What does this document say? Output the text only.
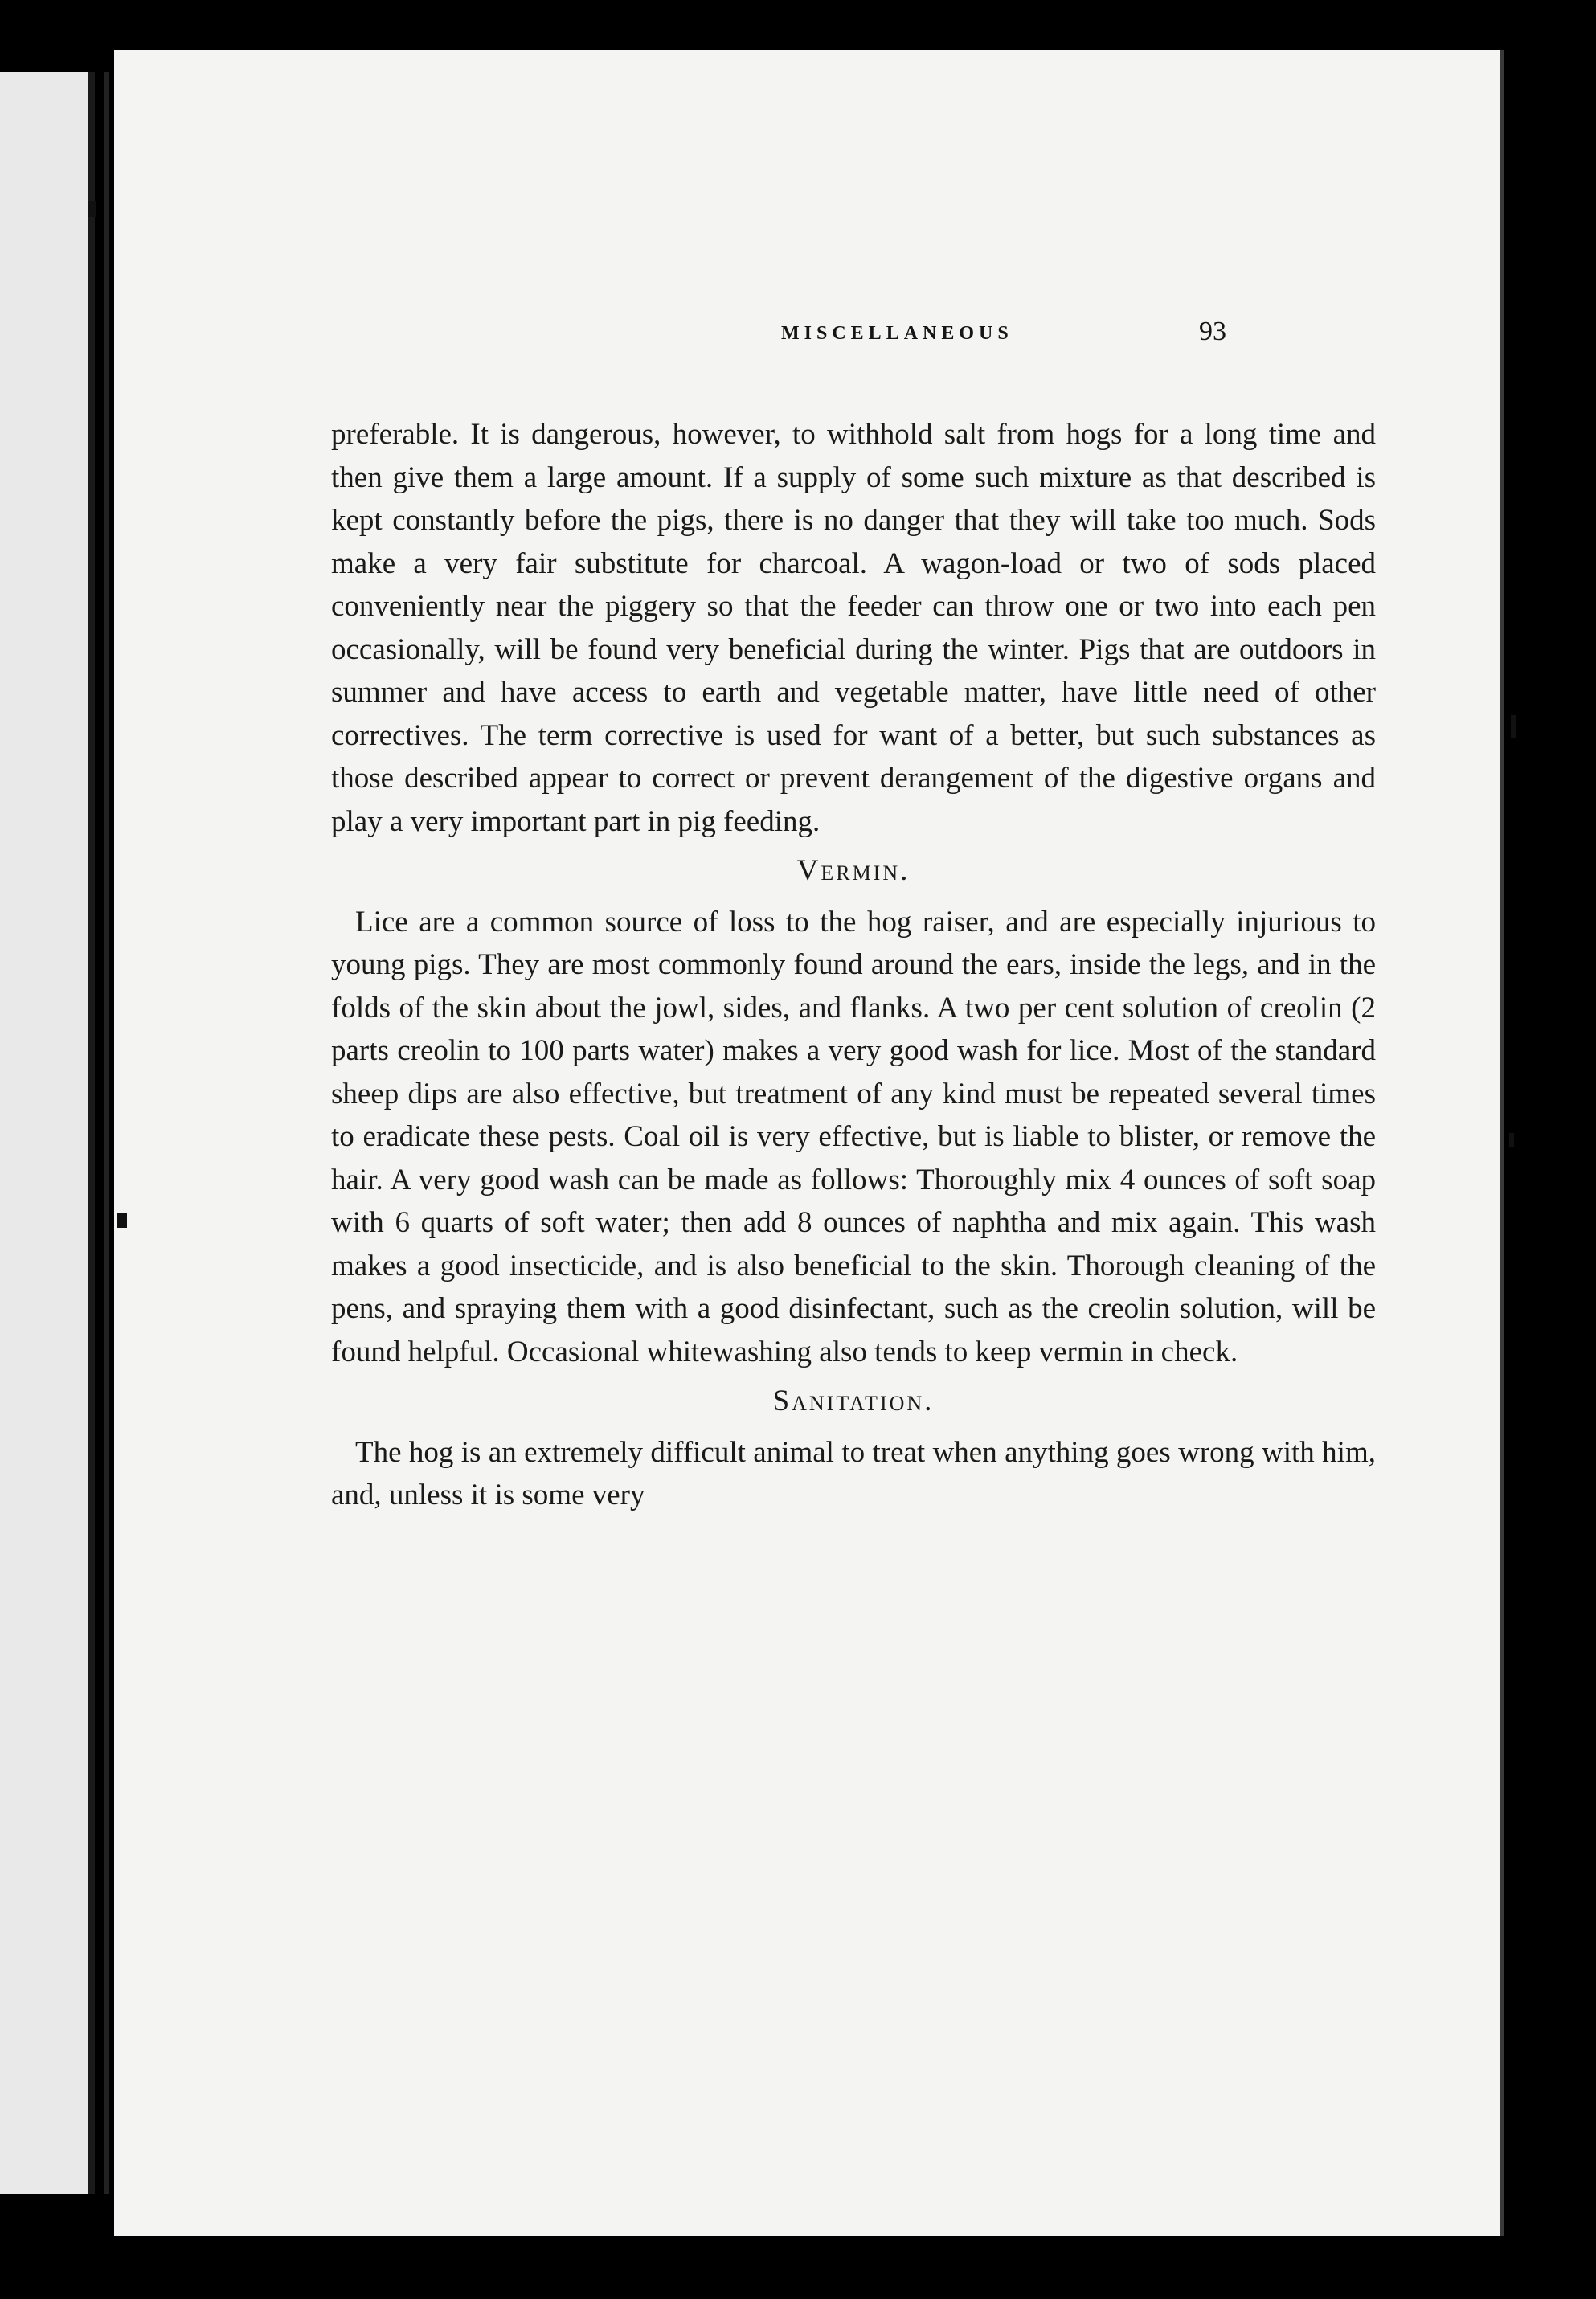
MISCELLANEOUS	93

preferable. It is dangerous, however, to withhold salt from hogs for a long time and then give them a large amount. If a supply of some such mixture as that described is kept constantly before the pigs, there is no danger that they will take too much. Sods make a very fair substitute for charcoal. A wagon-load or two of sods placed conveniently near the piggery so that the feeder can throw one or two into each pen occasionally, will be found very beneficial during the winter. Pigs that are outdoors in summer and have access to earth and vegetable matter, have little need of other correctives. The term corrective is used for want of a better, but such substances as those described appear to correct or prevent derangement of the digestive organs and play a very important part in pig feeding.

Vermin.

Lice are a common source of loss to the hog raiser, and are especially injurious to young pigs. They are most commonly found around the ears, inside the legs, and in the folds of the skin about the jowl, sides, and flanks. A two per cent solution of creolin (2 parts creolin to 100 parts water) makes a very good wash for lice. Most of the standard sheep dips are also effective, but treatment of any kind must be repeated several times to eradicate these pests. Coal oil is very effective, but is liable to blister, or remove the hair. A very good wash can be made as follows: Thoroughly mix 4 ounces of soft soap with 6 quarts of soft water; then add 8 ounces of naphtha and mix again. This wash makes a good insecticide, and is also beneficial to the skin. Thorough cleaning of the pens, and spraying them with a good disinfectant, such as the creolin solution, will be found helpful. Occasional whitewashing also tends to keep vermin in check.

Sanitation.

The hog is an extremely difficult animal to treat when anything goes wrong with him, and, unless it is some very
